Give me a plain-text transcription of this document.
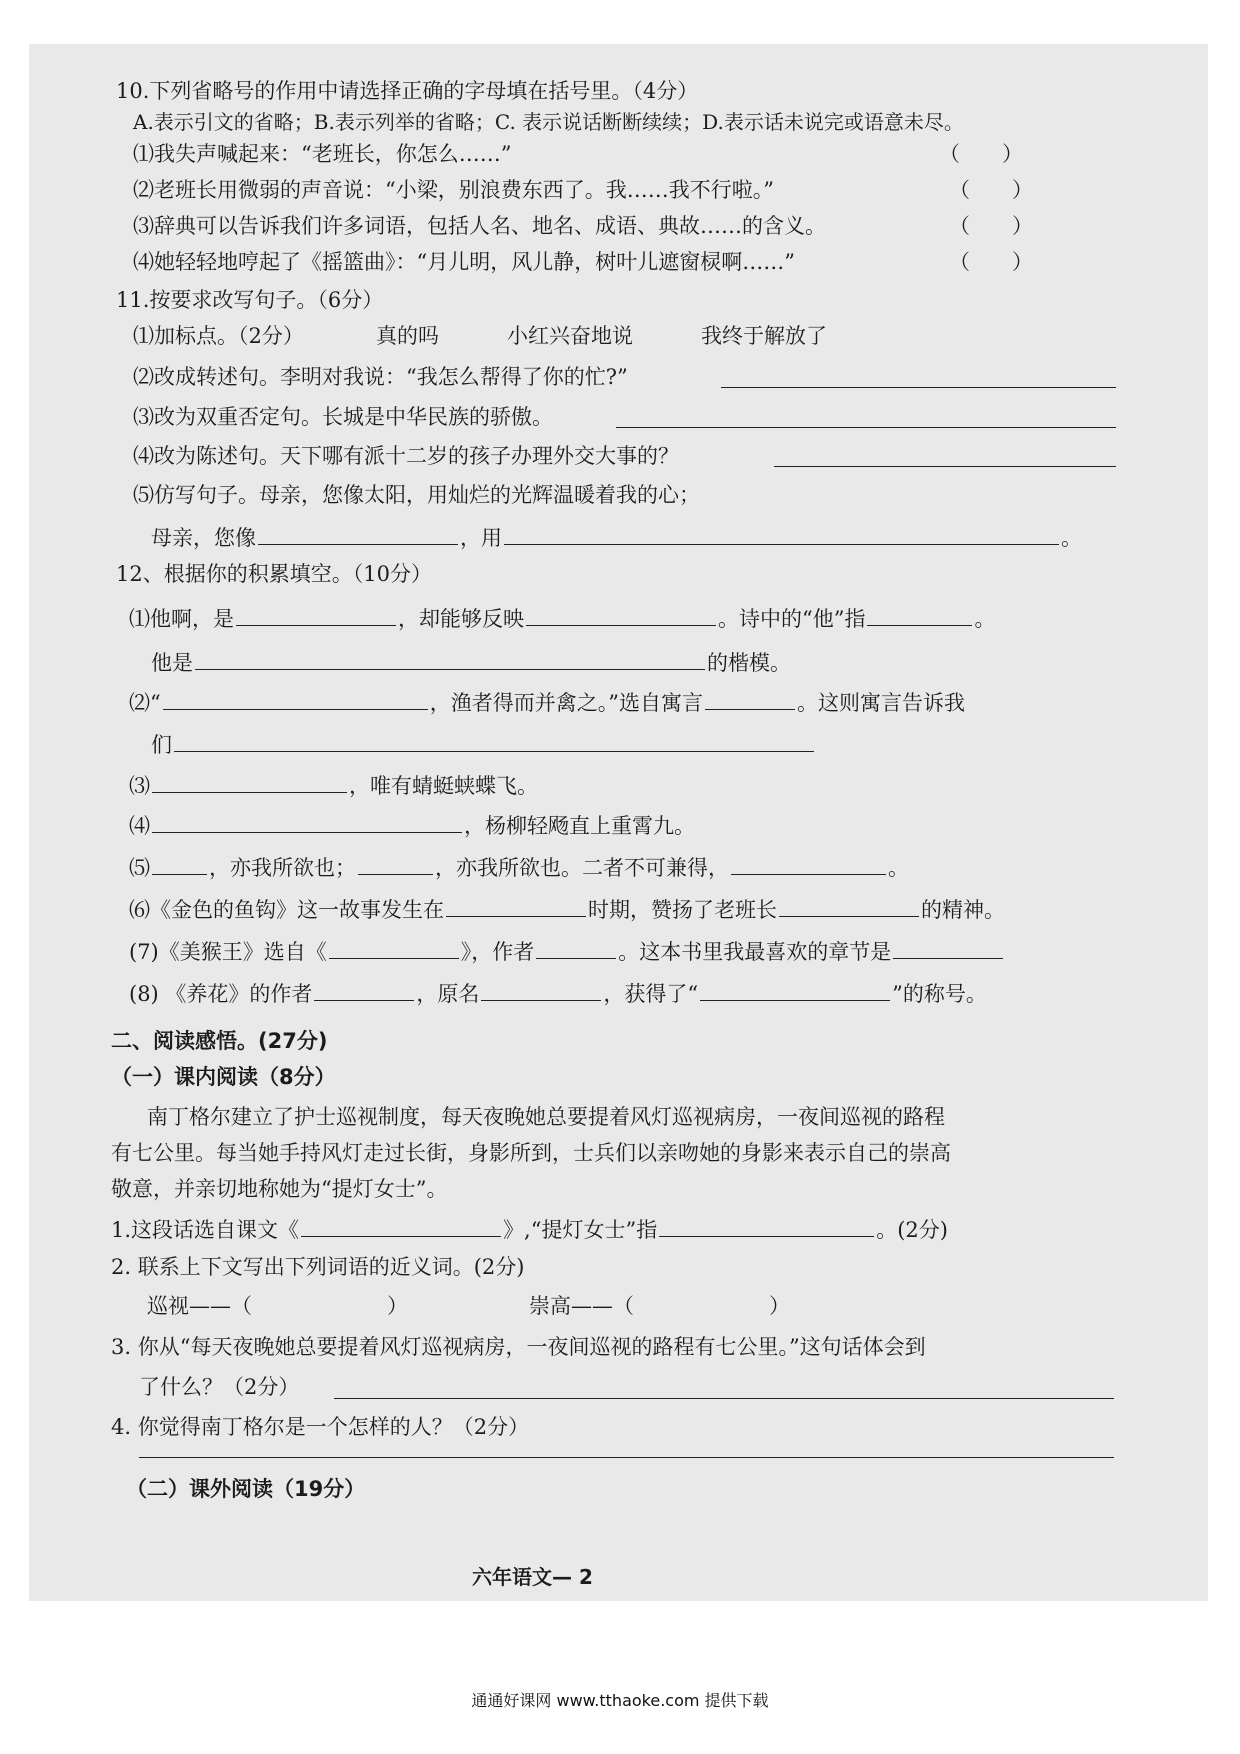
10.下列省略号的作用中请选择正确的字母填在括号里。（4分）
A.表示引文的省略；B.表示列举的省略；C. 表示说话断断续续；D.表示话未说完或语意未尽。
⑴我失声喊起来：“老班长，你怎么……”	（　　）
⑵老班长用微弱的声音说：“小梁，别浪费东西了。我……我不行啦。”	（　　）
⑶辞典可以告诉我们许多词语，包括人名、地名、成语、典故……的含义。	（　　）
⑷她轻轻地哼起了《摇篮曲》：“月儿明，风儿静，树叶儿遮窗棂啊……”	（　　）
11.按要求改写句子。（6分）
⑴加标点。（2分）	真的吗	小红兴奋地说	我终于解放了
⑵改成转述句。李明对我说：“我怎么帮得了你的忙?”
⑶改为双重否定句。长城是中华民族的骄傲。
⑷改为陈述句。天下哪有派十二岁的孩子办理外交大事的？
⑸仿写句子。母亲，您像太阳，用灿烂的光辉温暖着我的心；
母亲，您像	，用	。
12、根据你的积累填空。（10分）
⑴他啊，是	，却能够反映	。诗中的“他”指	。
他是	的楷模。
⑵“	，渔者得而并禽之。”选自寓言	。这则寓言告诉我
们
⑶	，唯有蜻蜓蛱蝶飞。
⑷	，杨柳轻飏直上重霄九。
⑸	，亦我所欲也；	，亦我所欲也。二者不可兼得，	。
⑹《金色的鱼钩》这一故事发生在	时期，赞扬了老班长	的精神。
(7)《美猴王》选自《	》，作者	。这本书里我最喜欢的章节是
(8) 《养花》的作者	，原名	，获得了“	”的称号。
二、阅读感悟。(27分)
（一）课内阅读（8分）
南丁格尔建立了护士巡视制度，每天夜晚她总要提着风灯巡视病房，一夜间巡视的路程
有七公里。每当她手持风灯走过长街，身影所到，士兵们以亲吻她的身影来表示自己的崇高
敬意，并亲切地称她为“提灯女士”。
1.这段话选自课文《	》,“提灯女士”指	。(2分)
2. 联系上下文写出下列词语的近义词。(2分)
巡视——（	）	崇高——（	）
3. 你从“每天夜晚她总要提着风灯巡视病房，一夜间巡视的路程有七公里。”这句话体会到
了什么？（2分）
4. 你觉得南丁格尔是一个怎样的人？（2分）
（二）课外阅读（19分）
六年语文— 2
通通好课网 www.tthaoke.com 提供下载
